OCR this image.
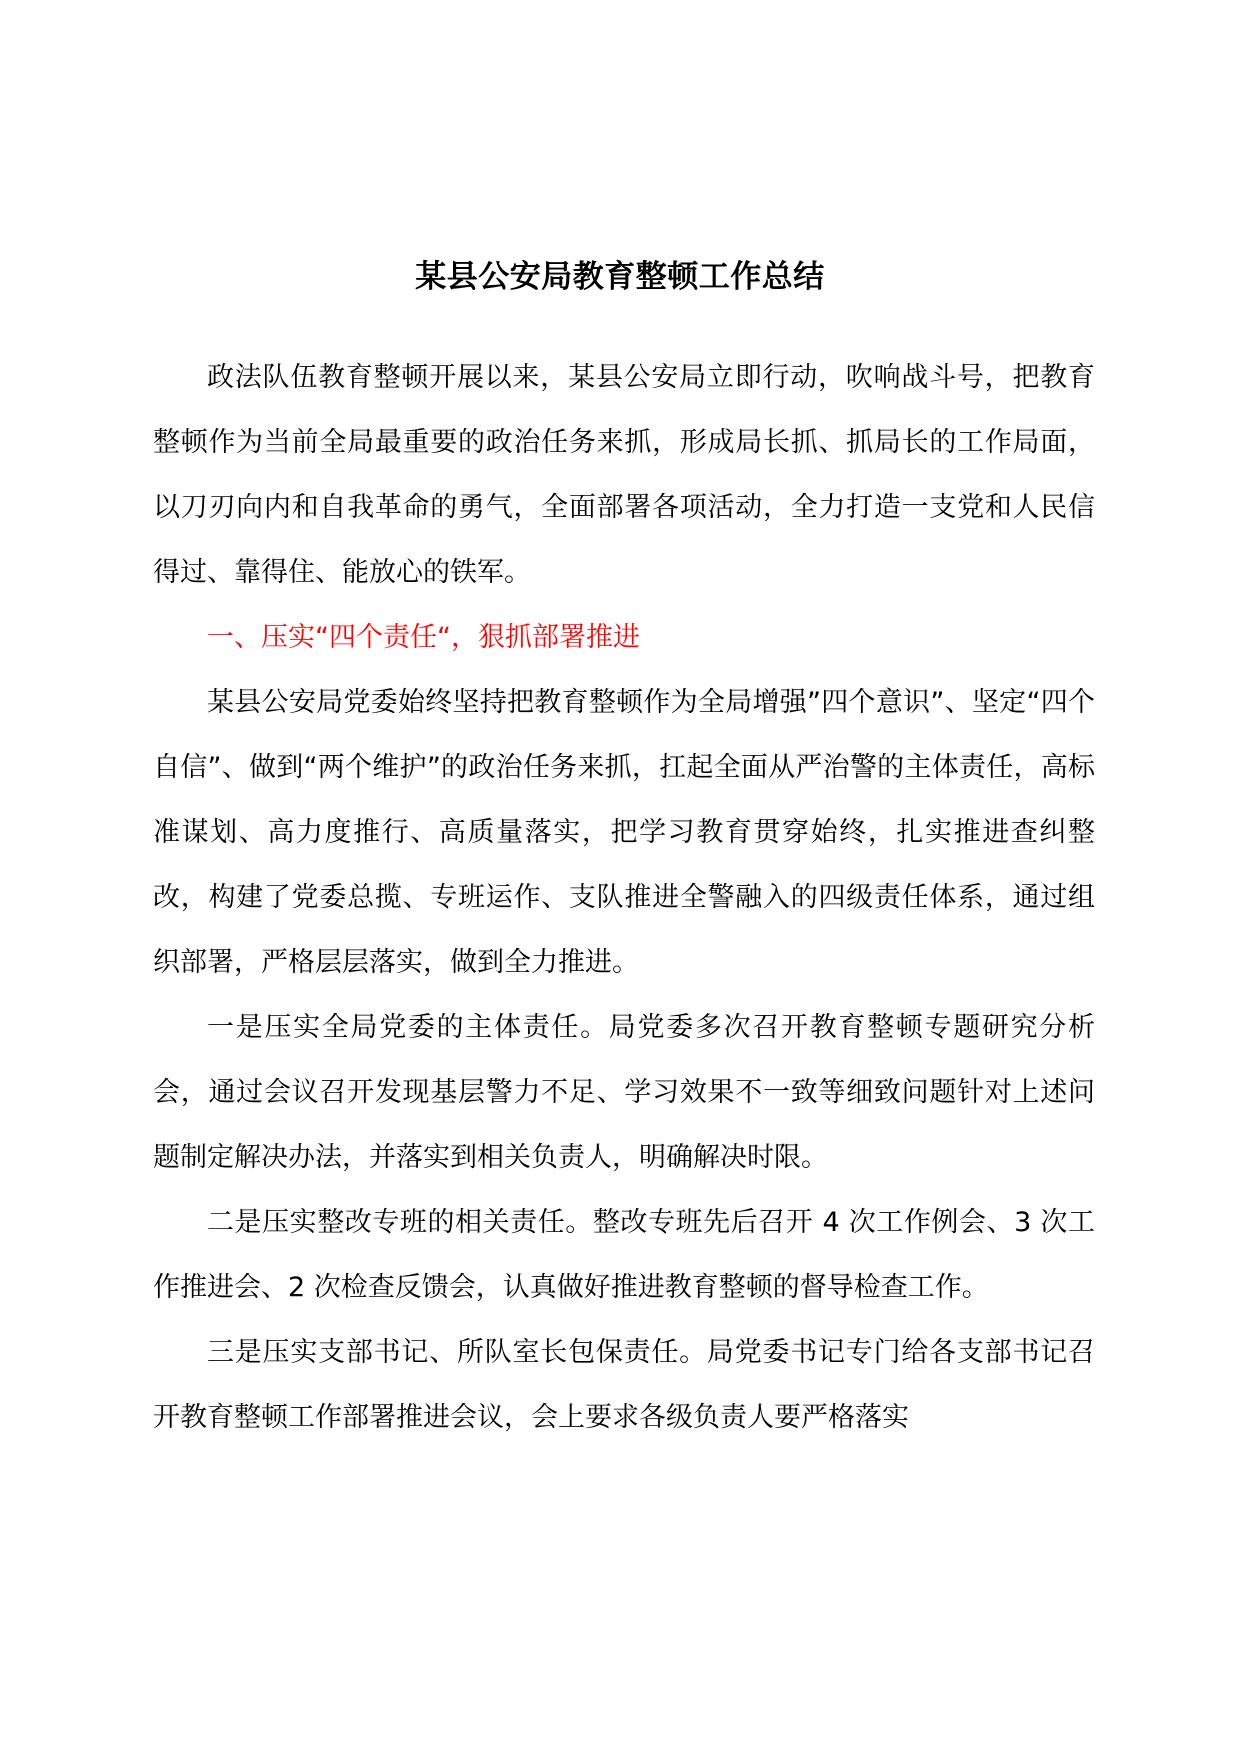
某县公安局教育整顿工作总结

政法队伍教育整顿开展以来，某县公安局立即行动，吹响战斗号，把教育整顿作为当前全局最重要的政治任务来抓，形成局长抓、抓局长的工作局面，以刀刃向内和自我革命的勇气，全面部署各项活动，全力打造一支党和人民信得过、靠得住、能放心的铁军。

一、压实“四个责任“，狠抓部署推进

某县公安局党委始终坚持把教育整顿作为全局增强”四个意识”、坚定“四个自信”、做到“两个维护”的政治任务来抓，扛起全面从严治警的主体责任，高标准谋划、高力度推行、高质量落实，把学习教育贯穿始终，扎实推进查纠整改，构建了党委总揽、专班运作、支队推进全警融入的四级责任体系，通过组织部署，严格层层落实，做到全力推进。

一是压实全局党委的主体责任。局党委多次召开教育整顿专题研究分析会，通过会议召开发现基层警力不足、学习效果不一致等细致问题针对上述问题制定解决办法，并落实到相关负责人，明确解决时限。

二是压实整改专班的相关责任。整改专班先后召开 4 次工作例会、3 次工作推进会、2 次检查反馈会，认真做好推进教育整顿的督导检查工作。

三是压实支部书记、所队室长包保责任。局党委书记专门给各支部书记召开教育整顿工作部署推进会议，会上要求各级负责人要严格落实
